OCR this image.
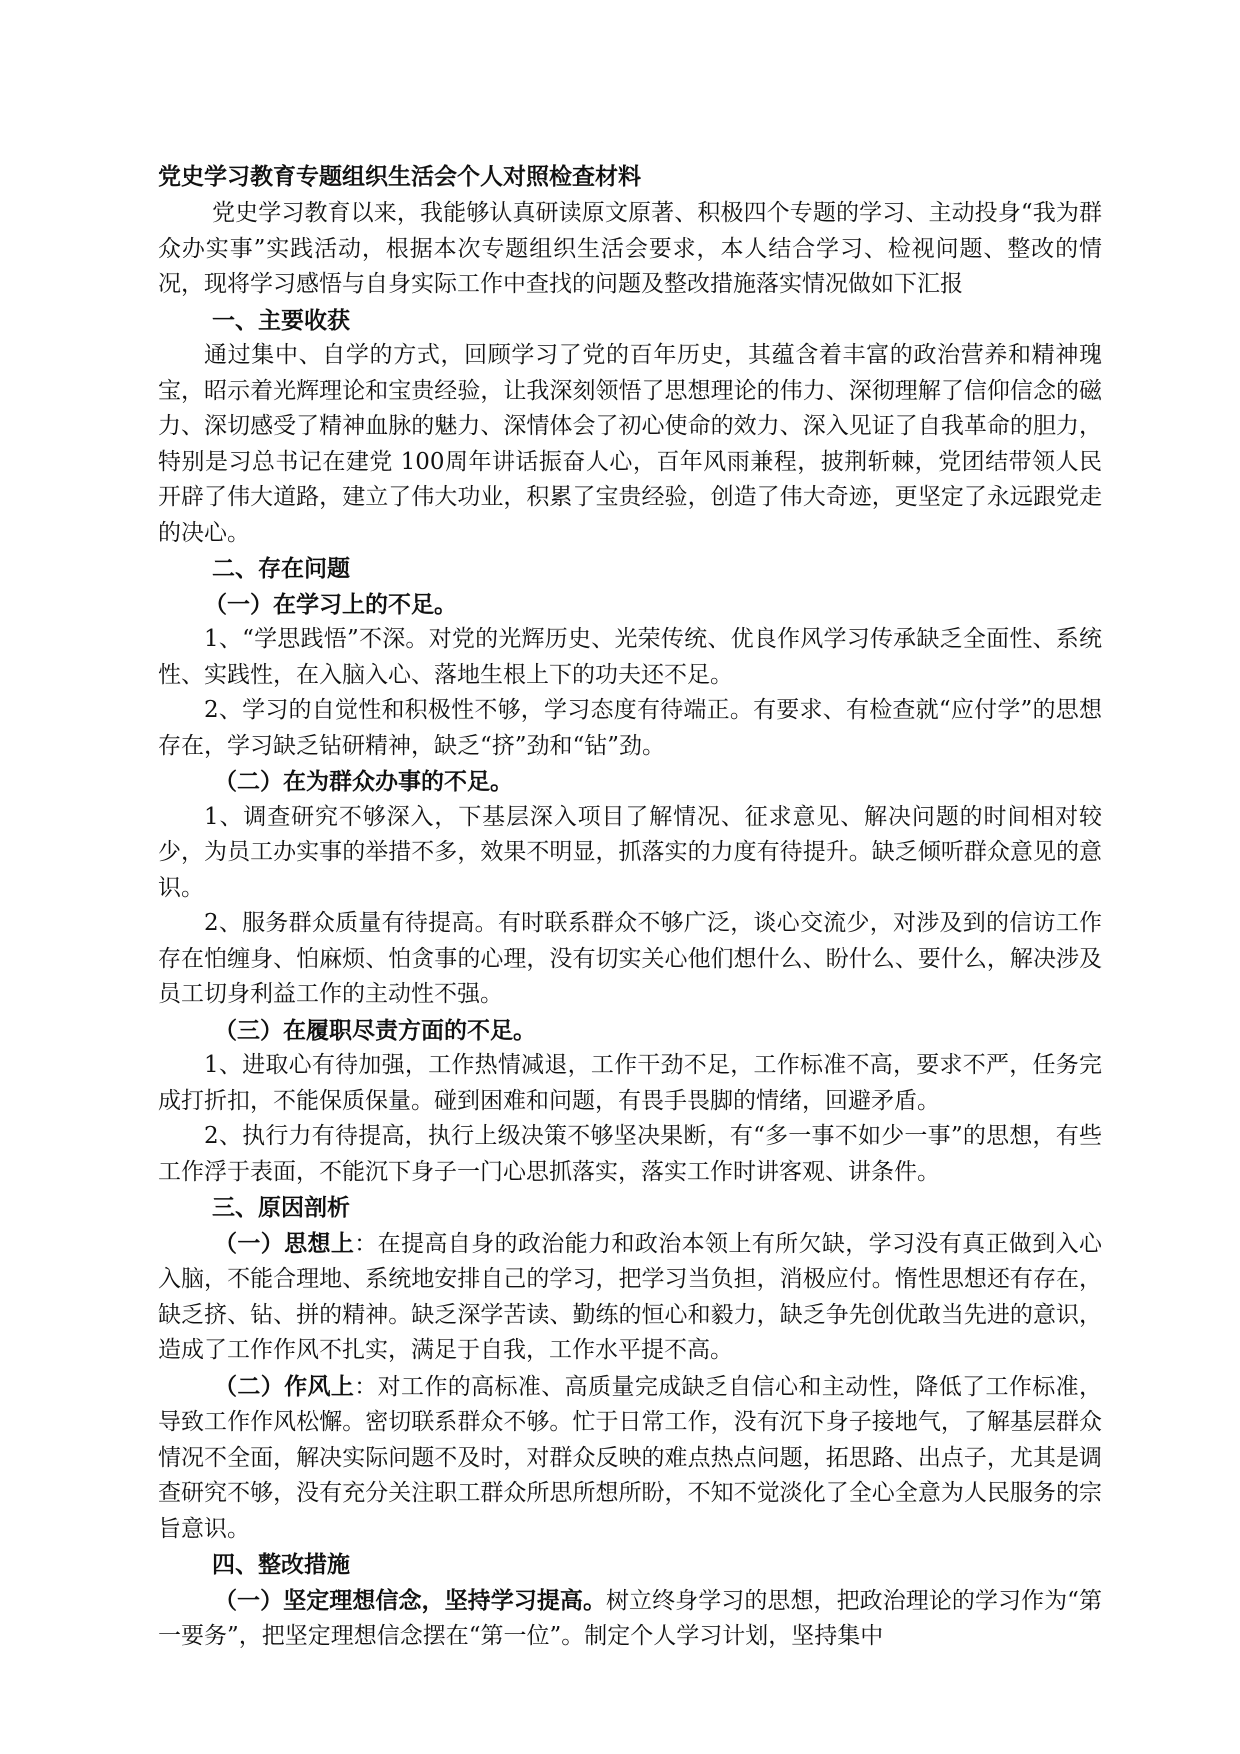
党史学习教育专题组织生活会个人对照检查材料

党史学习教育以来，我能够认真研读原文原著、积极四个专题的学习、主动投身“我为群众办实事”实践活动，根据本次专题组织生活会要求，本人结合学习、检视问题、整改的情况，现将学习感悟与自身实际工作中查找的问题及整改措施落实情况做如下汇报

一、主要收获

通过集中、自学的方式，回顾学习了党的百年历史，其蕴含着丰富的政治营养和精神瑰宝，昭示着光辉理论和宝贵经验，让我深刻领悟了思想理论的伟力、深彻理解了信仰信念的磁力、深切感受了精神血脉的魅力、深情体会了初心使命的效力、深入见证了自我革命的胆力，特别是习总书记在建党 100周年讲话振奋人心，百年风雨兼程，披荆斩棘，党团结带领人民开辟了伟大道路，建立了伟大功业，积累了宝贵经验，创造了伟大奇迹，更坚定了永远跟党走的决心。

二、存在问题
（一）在学习上的不足。

1、“学思践悟”不深。对党的光辉历史、光荣传统、优良作风学习传承缺乏全面性、系统性、实践性，在入脑入心、落地生根上下的功夫还不足。

2、学习的自觉性和积极性不够，学习态度有待端正。有要求、有检查就“应付学”的思想存在，学习缺乏钻研精神，缺乏“挤”劲和“钻”劲。

（二）在为群众办事的不足。

1、调查研究不够深入，下基层深入项目了解情况、征求意见、解决问题的时间相对较少，为员工办实事的举措不多，效果不明显，抓落实的力度有待提升。缺乏倾听群众意见的意识。

2、服务群众质量有待提高。有时联系群众不够广泛，谈心交流少，对涉及到的信访工作存在怕缠身、怕麻烦、怕贪事的心理，没有切实关心他们想什么、盼什么、要什么，解决涉及员工切身利益工作的主动性不强。

（三）在履职尽责方面的不足。

1、进取心有待加强，工作热情减退，工作干劲不足，工作标准不高，要求不严，任务完成打折扣，不能保质保量。碰到困难和问题，有畏手畏脚的情绪，回避矛盾。

2、执行力有待提高，执行上级决策不够坚决果断，有“多一事不如少一事”的思想，有些工作浮于表面，不能沉下身子一门心思抓落实，落实工作时讲客观、讲条件。

三、原因剖析

（一）思想上：在提高自身的政治能力和政治本领上有所欠缺，学习没有真正做到入心入脑，不能合理地、系统地安排自己的学习，把学习当负担，消极应付。惰性思想还有存在，缺乏挤、钻、拼的精神。缺乏深学苦读、勤练的恒心和毅力，缺乏争先创优敢当先进的意识，造成了工作作风不扎实，满足于自我，工作水平提不高。

（二）作风上：对工作的高标准、高质量完成缺乏自信心和主动性，降低了工作标准，导致工作作风松懈。密切联系群众不够。忙于日常工作，没有沉下身子接地气，了解基层群众情况不全面，解决实际问题不及时，对群众反映的难点热点问题，拓思路、出点子，尤其是调查研究不够，没有充分关注职工群众所思所想所盼，不知不觉淡化了全心全意为人民服务的宗旨意识。

四、整改措施

（一）坚定理想信念，坚持学习提高。树立终身学习的思想，把政治理论的学习作为“第一要务”，把坚定理想信念摆在“第一位”。制定个人学习计划，坚持集中
